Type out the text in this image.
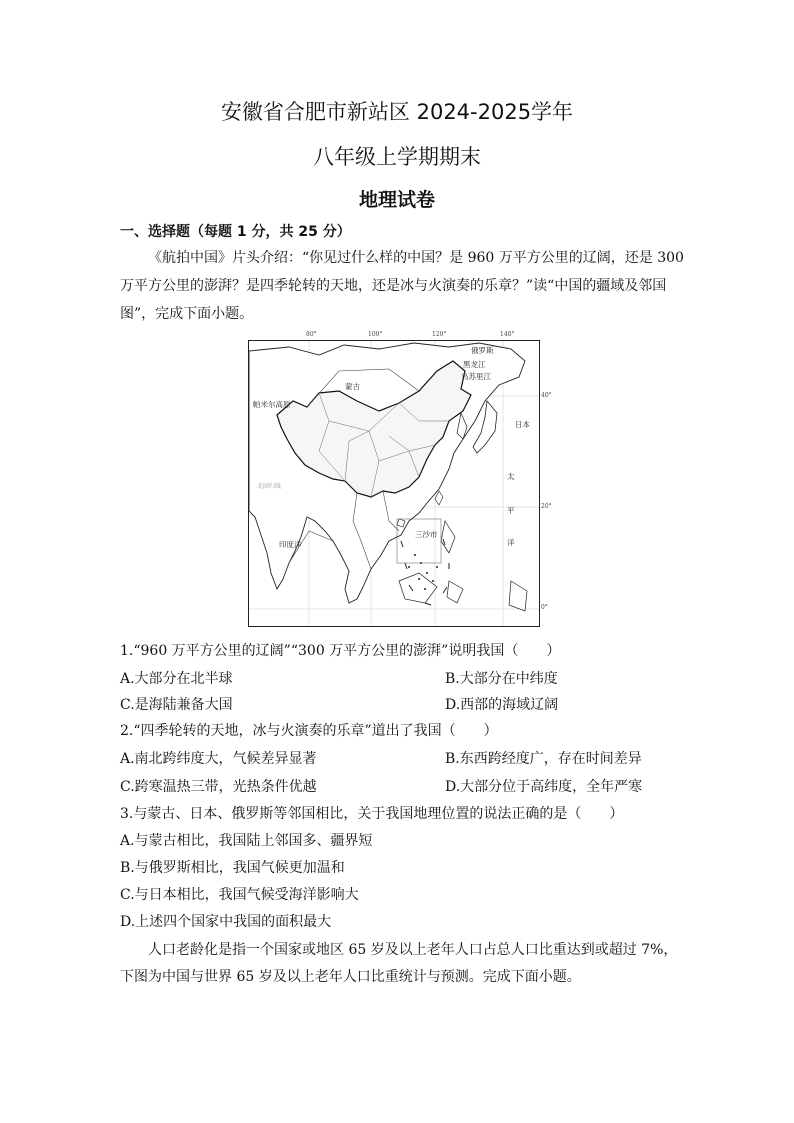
安徽省合肥市新站区 2024-2025学年
八年级上学期期末
地理试卷
一、选择题（每题 1 分，共 25 分）
《航拍中国》片头介绍：“你见过什么样的中国？是 960 万平方公里的辽阔，还是 300
万平方公里的澎湃？是四季轮转的天地，还是冰与火演奏的乐章？”读“中国的疆域及邻国
图”，完成下面小题。
80°	100°	120°	140°
40°
20°
0°
俄罗斯
蒙古
帕米尔高原
黑龙江
乌苏里江
日本
太
平
洋
印度洋
三沙市
北回归线
1.“960 万平方公里的辽阔”“300 万平方公里的澎湃”说明我国（　　）
A.大部分在北半球	B.大部分在中纬度
C.是海陆兼备大国	D.西部的海域辽阔
2.“四季轮转的天地，冰与火演奏的乐章”道出了我国（　　）
A.南北跨纬度大，气候差异显著	B.东西跨经度广，存在时间差异
C.跨寒温热三带，光热条件优越	D.大部分位于高纬度，全年严寒
3.与蒙古、日本、俄罗斯等邻国相比，关于我国地理位置的说法正确的是（　　）
A.与蒙古相比，我国陆上邻国多、疆界短
B.与俄罗斯相比，我国气候更加温和
C.与日本相比，我国气候受海洋影响大
D.上述四个国家中我国的面积最大
人口老龄化是指一个国家或地区 65 岁及以上老年人口占总人口比重达到或超过 7%，
下图为中国与世界 65 岁及以上老年人口比重统计与预测。完成下面小题。
